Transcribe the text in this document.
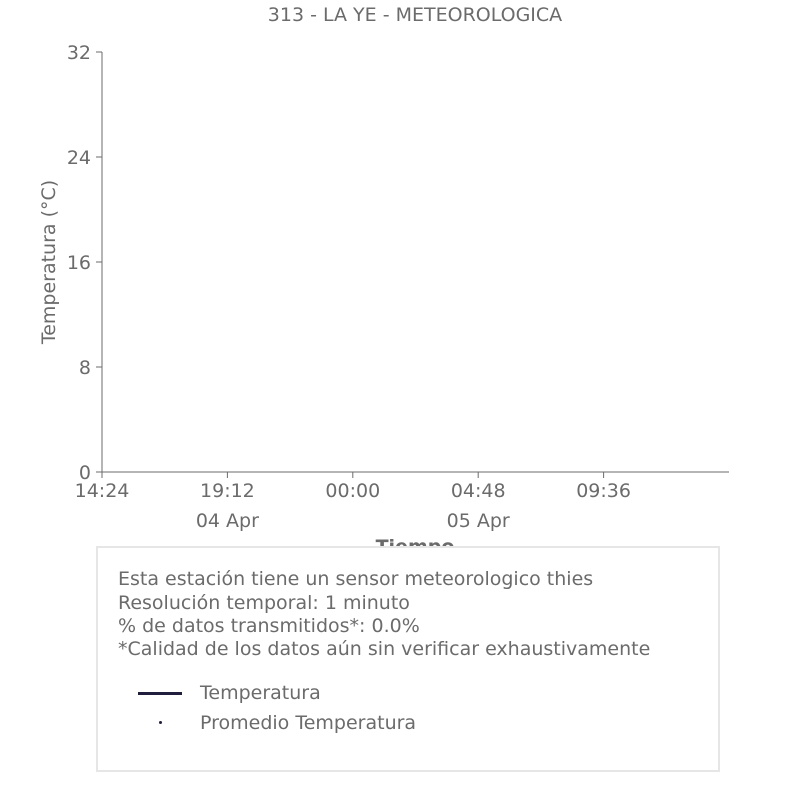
313 - LA YE - METEOROLOGICA
0
8
16
24
32
14:24	19:12
04 Apr
00:00	04:48
05 Apr
09:36
Temperatura (°C)
Esta estación tiene un sensor meteorologico thies
Resolución temporal: 1 minuto
% de datos transmitidos*: 0.0%
*Calidad de los datos aún sin verificar exhaustivamente
Temperatura
Promedio Temperatura
